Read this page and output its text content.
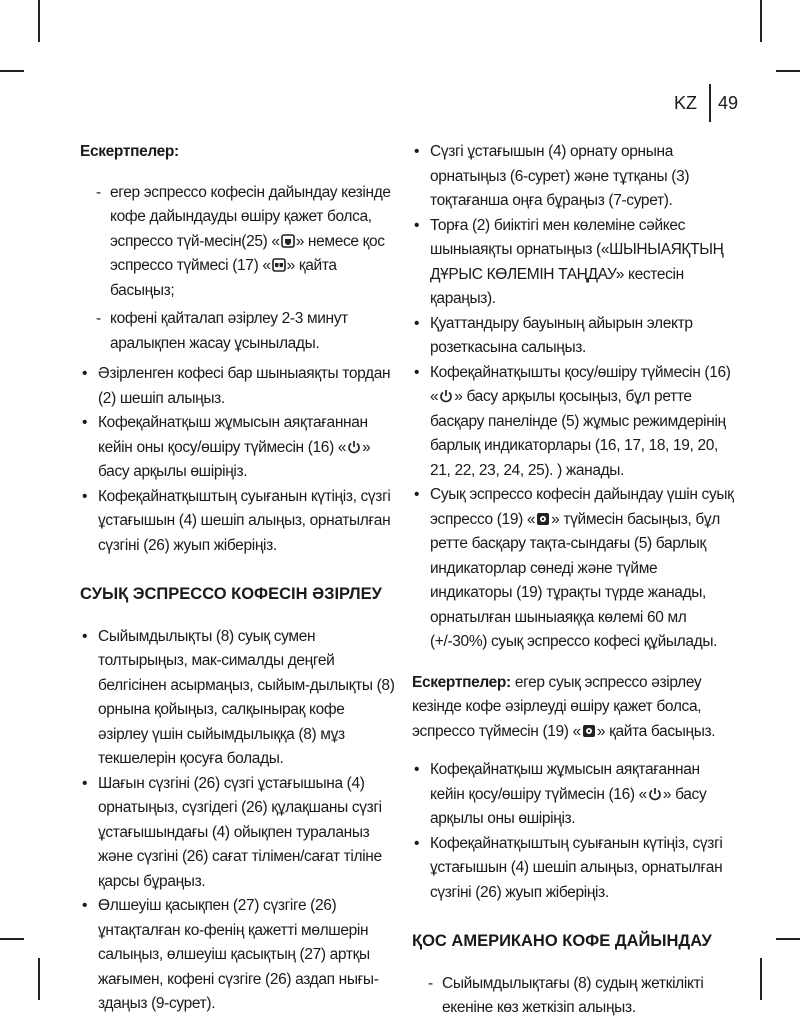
KZ 49

Ескертпелер:

- егер эспрессо кофесін дайындау кезінде кофе дайындауды өшіру қажет болса, эспрессо түй-месін(25) « » немесе қос эспрессо түймесі (17) « » қайта басыңыз;
- кофені қайталап әзірлеу 2-3 минут аралықпен жасау ұсынылады.
• Әзірленген кофесі бар шыныаяқты тордан (2) шешіп алыңыз.
• Кофеқайнатқыш жұмысын аяқтағаннан кейін оны қосу/өшіру түймесін (16) « » басу арқылы өшіріңіз.
• Кофеқайнатқыштың суығанын күтіңіз, сүзгі ұстағышын (4) шешіп алыңыз, орнатылған сүзгіні (26) жуып жіберіңіз.
СУЫҚ ЭСПРЕССО КОФЕСІН ӘЗІРЛЕУ
• Сыйымдылықты (8) суық сумен толтырыңыз, мак-сималды деңгей белгісінен асырмаңыз, сыйым-дылықты (8) орнына қойыңыз, салқынырақ кофе әзірлеу үшін сыйымдылыққа (8) мұз текшелерін қосуға болады.
• Шағын сүзгіні (26) сүзгі ұстағышына (4) орнатыңыз, сүзгідегі (26) құлақшаны сүзгі ұстағышындағы (4) ойықпен тураланыз және сүзгіні (26) сағат тілімен/сағат тіліне қарсы бұраңыз.
• Өлшеуіш қасықпен (27) сүзгіге (26) ұнтақталған ко-фенің қажетті мөлшерін салыңыз, өлшеуіш қасықтың (27) артқы жағымен, кофені сүзгіге (26) аздап нығы-здаңыз (9-сурет).
• Сүзгі ұстағышын (4) орнату орнына орнатыңыз (6-сурет) және тұтқаны (3) тоқтағанша оңға бұраңыз (7-сурет).
• Торға (2) биіктігі мен көлеміне сәйкес шыныаяқты орнатыңыз («ШЫНЫАЯҚТЫҢ ДҰРЫС КӨЛЕМІН ТАҢДАУ» кестесін қараңыз).
• Қуаттандыру бауының айырын электр розеткасына салыңыз.
• Кофеқайнатқышты қосу/өшіру түймесін (16) « » басу арқылы қосыңыз, бұл ретте басқару панелінде (5) жұмыс режимдерінің барлық индикаторлары (16, 17, 18, 19, 20, 21, 22, 23, 24, 25). ) жанады.
• Суық эспрессо кофесін дайындау үшін суық эспрессо (19) « » түймесін басыңыз, бұл ретте басқару тақта-сындағы (5) барлық индикаторлар сөнеді және түйме индикаторы (19) тұрақты түрде жанады, орнатылған шыныаяққа көлемі 60 мл (+/-30%) суық эспрессо кофесі құйылады.

Ескертпелер: егер суық эспрессо әзірлеу кезінде кофе әзірлеуді өшіру қажет болса, эспрессо түймесін (19) « » қайта басыңыз.

• Кофеқайнатқыш жұмысын аяқтағаннан кейін қосу/өшіру түймесін (16) « » басу арқылы оны өшіріңіз.
• Кофеқайнатқыштың суығанын күтіңіз, сүзгі ұстағышын (4) шешіп алыңыз, орнатылған сүзгіні (26) жуып жіберіңіз.
ҚОС АМЕРИКАНО КОФЕ ДАЙЫНДАУ
- Сыйымдылықтағы (8) судың жеткілікті екеніне көз жеткізіп алыңыз.
